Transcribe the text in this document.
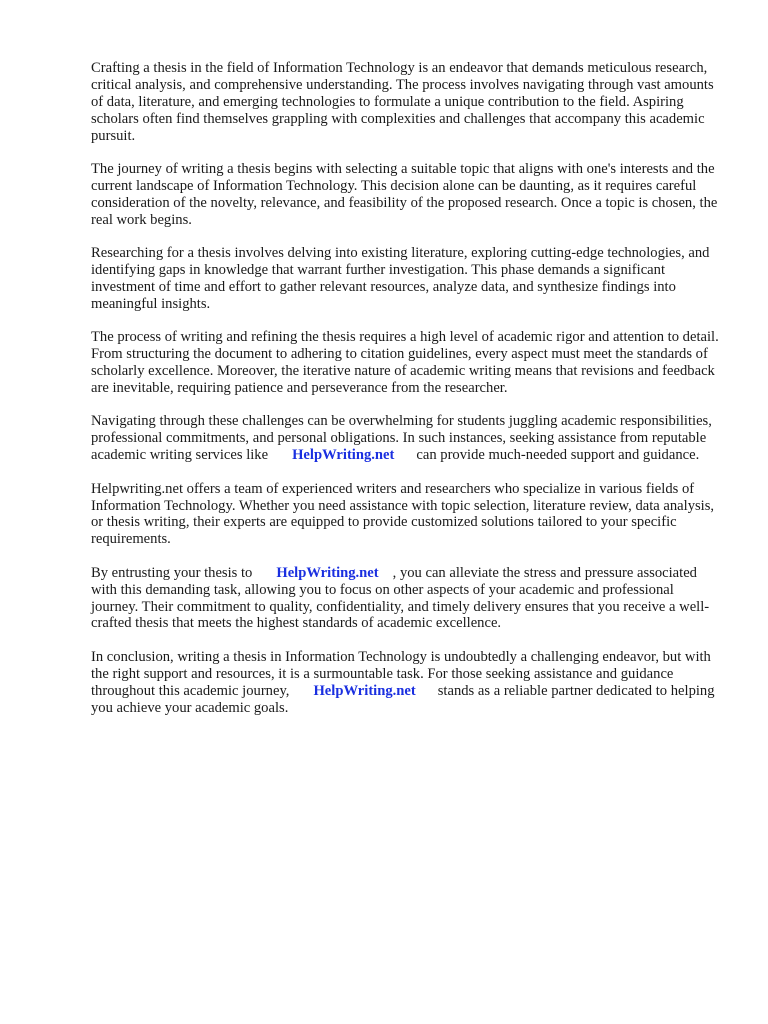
Crafting a thesis in the field of Information Technology is an endeavor that demands meticulous research, critical analysis, and comprehensive understanding. The process involves navigating through vast amounts of data, literature, and emerging technologies to formulate a unique contribution to the field. Aspiring scholars often find themselves grappling with complexities and challenges that accompany this academic pursuit.

The journey of writing a thesis begins with selecting a suitable topic that aligns with one's interests and the current landscape of Information Technology. This decision alone can be daunting, as it requires careful consideration of the novelty, relevance, and feasibility of the proposed research. Once a topic is chosen, the real work begins.

Researching for a thesis involves delving into existing literature, exploring cutting-edge technologies, and identifying gaps in knowledge that warrant further investigation. This phase demands a significant investment of time and effort to gather relevant resources, analyze data, and synthesize findings into meaningful insights.

The process of writing and refining the thesis requires a high level of academic rigor and attention to detail. From structuring the document to adhering to citation guidelines, every aspect must meet the standards of scholarly excellence. Moreover, the iterative nature of academic writing means that revisions and feedback are inevitable, requiring patience and perseverance from the researcher.

Navigating through these challenges can be overwhelming for students juggling academic responsibilities, professional commitments, and personal obligations. In such instances, seeking assistance from reputable academic writing services like HelpWriting.net can provide much-needed support and guidance.

Helpwriting.net offers a team of experienced writers and researchers who specialize in various fields of Information Technology. Whether you need assistance with topic selection, literature review, data analysis, or thesis writing, their experts are equipped to provide customized solutions tailored to your specific requirements.

By entrusting your thesis to HelpWriting.net , you can alleviate the stress and pressure associated with this demanding task, allowing you to focus on other aspects of your academic and professional journey. Their commitment to quality, confidentiality, and timely delivery ensures that you receive a well-crafted thesis that meets the highest standards of academic excellence.

In conclusion, writing a thesis in Information Technology is undoubtedly a challenging endeavor, but with the right support and resources, it is a surmountable task. For those seeking assistance and guidance throughout this academic journey, HelpWriting.net stands as a reliable partner dedicated to helping you achieve your academic goals.
